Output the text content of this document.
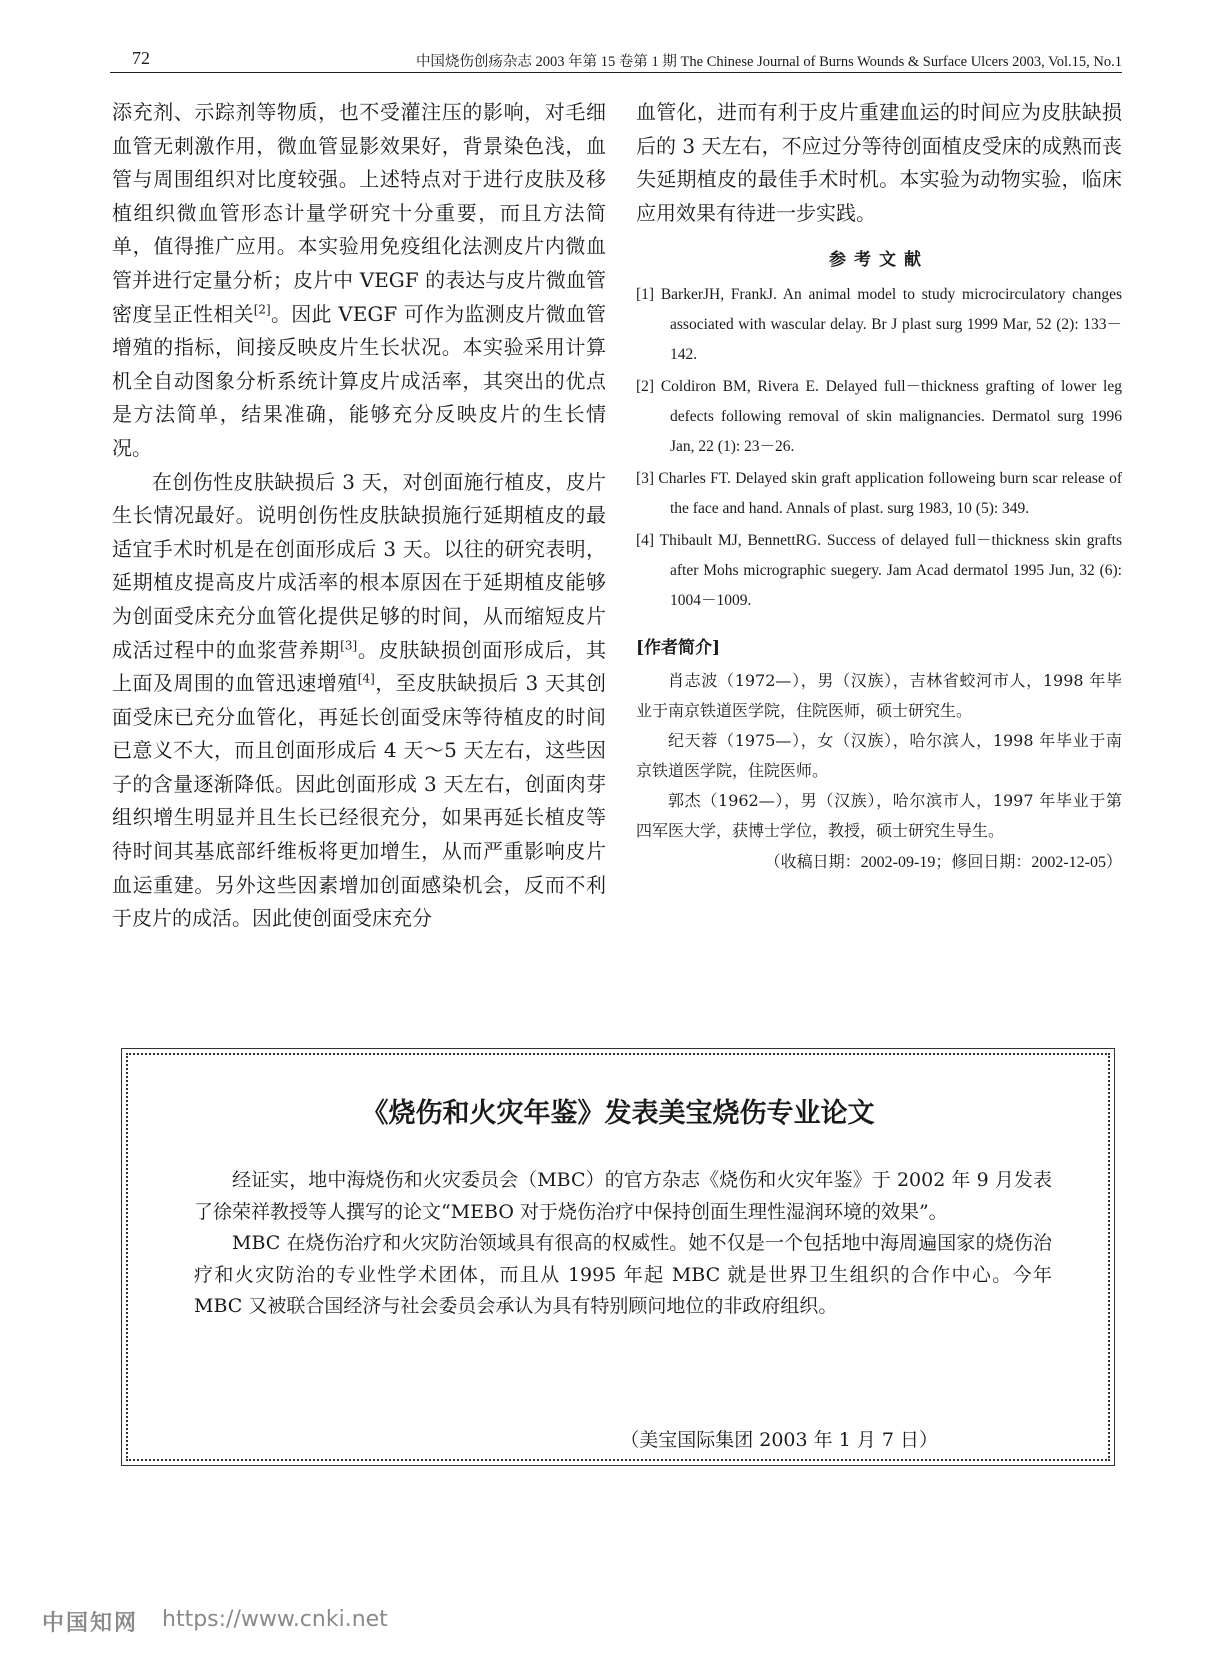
72	中国烧伤创疡杂志 2003 年第 15 卷第 1 期 The Chinese Journal of Burns Wounds & Surface Ulcers 2003, Vol.15, No.1

添充剂、示踪剂等物质，也不受灌注压的影响，对毛细血管无刺激作用，微血管显影效果好，背景染色浅，血管与周围组织对比度较强。上述特点对于进行皮肤及移植组织微血管形态计量学研究十分重要，而且方法简单，值得推广应用。本实验用免疫组化法测皮片内微血管并进行定量分析；皮片中 VEGF 的表达与皮片微血管密度呈正性相关[2]。因此 VEGF 可作为监测皮片微血管增殖的指标，间接反映皮片生长状况。本实验采用计算机全自动图象分析系统计算皮片成活率，其突出的优点是方法简单，结果准确，能够充分反映皮片的生长情况。

在创伤性皮肤缺损后 3 天，对创面施行植皮，皮片生长情况最好。说明创伤性皮肤缺损施行延期植皮的最适宜手术时机是在创面形成后 3 天。以往的研究表明，延期植皮提高皮片成活率的根本原因在于延期植皮能够为创面受床充分血管化提供足够的时间，从而缩短皮片成活过程中的血浆营养期[3]。皮肤缺损创面形成后，其上面及周围的血管迅速增殖[4]，至皮肤缺损后 3 天其创面受床已充分血管化，再延长创面受床等待植皮的时间已意义不大，而且创面形成后 4 天～5 天左右，这些因子的含量逐渐降低。因此创面形成 3 天左右，创面肉芽组织增生明显并且生长已经很充分，如果再延长植皮等待时间其基底部纤维板将更加增生，从而严重影响皮片血运重建。另外这些因素增加创面感染机会，反而不利于皮片的成活。因此使创面受床充分

血管化，进而有利于皮片重建血运的时间应为皮肤缺损后的 3 天左右，不应过分等待创面植皮受床的成熟而丧失延期植皮的最佳手术时机。本实验为动物实验，临床应用效果有待进一步实践。

参考文献

[1] BarkerJH, FrankJ. An animal model to study microcirculatory changes associated with wascular delay. Br J plast surg 1999 Mar, 52 (2): 133－142.

[2] Coldiron BM, Rivera E. Delayed full－thickness grafting of lower leg defects following removal of skin malignancies. Dermatol surg 1996 Jan, 22 (1): 23－26.

[3] Charles FT. Delayed skin graft application followeing burn scar release of the face and hand. Annals of plast. surg 1983, 10 (5): 349.

[4] Thibault MJ, BennettRG. Success of delayed full－thickness skin grafts after Mohs micrographic suegery. Jam Acad dermatol 1995 Jun, 32 (6): 1004－1009.

[作者简介]

肖志波（1972—），男（汉族），吉林省蛟河市人，1998 年毕业于南京铁道医学院，住院医师，硕士研究生。

纪天蓉（1975—），女（汉族），哈尔滨人，1998 年毕业于南京铁道医学院，住院医师。

郭杰（1962—），男（汉族），哈尔滨市人，1997 年毕业于第四军医大学，获博士学位，教授，硕士研究生导生。

（收稿日期：2002-09-19；修回日期：2002-12-05）

《烧伤和火灾年鉴》发表美宝烧伤专业论文

经证实，地中海烧伤和火灾委员会（MBC）的官方杂志《烧伤和火灾年鉴》于 2002 年 9 月发表了徐荣祥教授等人撰写的论文“MEBO 对于烧伤治疗中保持创面生理性湿润环境的效果”。

MBC 在烧伤治疗和火灾防治领域具有很高的权威性。她不仅是一个包括地中海周遍国家的烧伤治疗和火灾防治的专业性学术团体，而且从 1995 年起 MBC 就是世界卫生组织的合作中心。今年 MBC 又被联合国经济与社会委员会承认为具有特别顾问地位的非政府组织。

（美宝国际集团 2003 年 1 月 7 日）
中国知网 https://www.cnki.net
